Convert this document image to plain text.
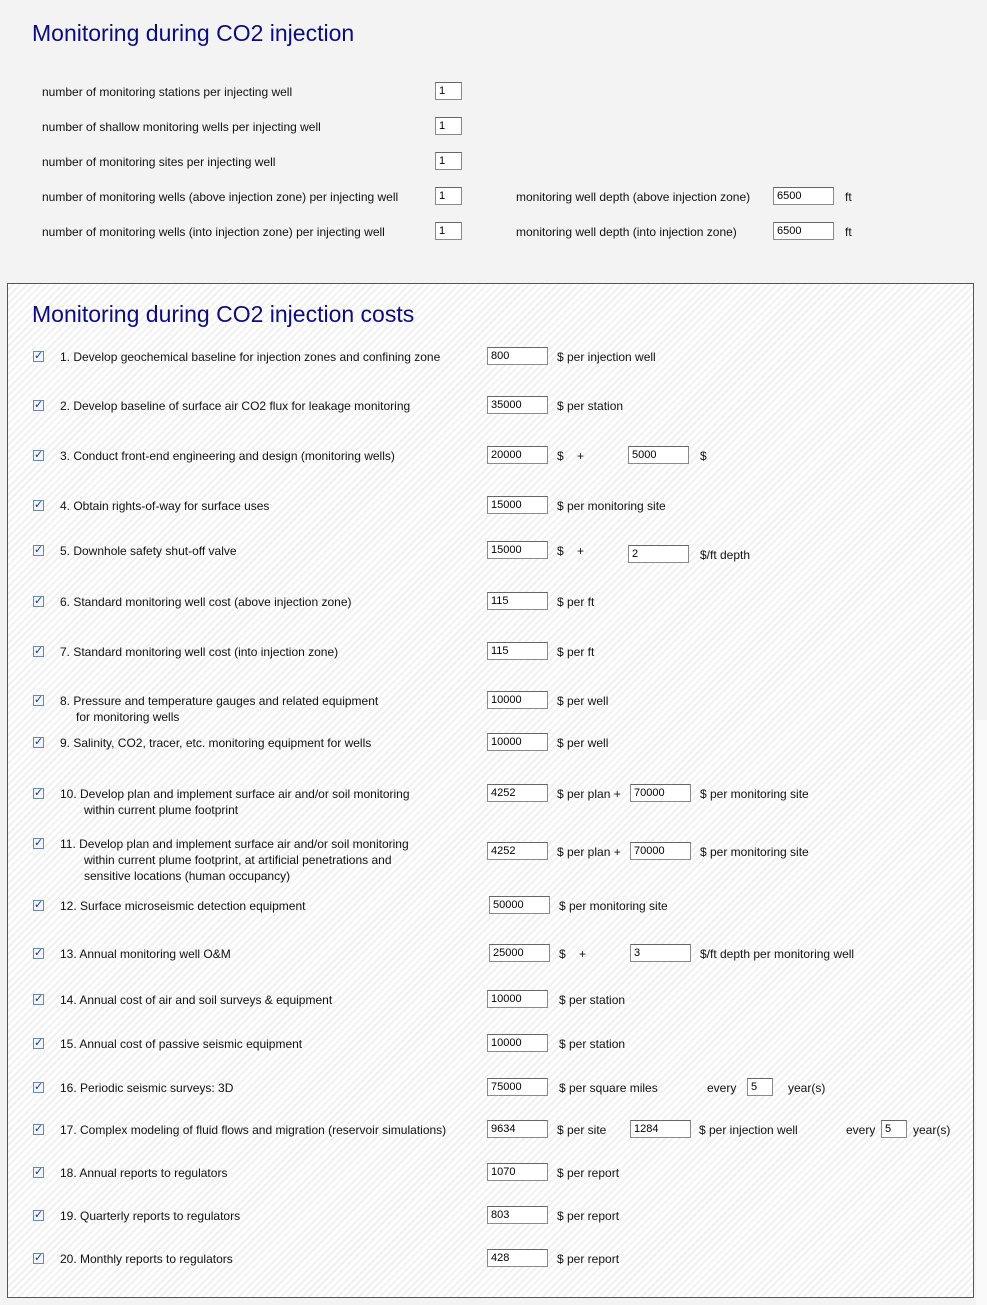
Monitoring during CO2 injection
number of monitoring stations per injecting well
1
number of shallow monitoring wells per injecting well
1
number of monitoring sites per injecting well
1
number of monitoring wells (above injection zone) per injecting well
1	monitoring well depth (above injection zone)
6500	ft
number of monitoring wells (into injection zone) per injecting well
1	monitoring well depth (into injection zone)
6500	ft
Monitoring during CO2 injection costs
✓
1. Develop geochemical baseline for injection zones and confining zone
800	$ per injection well
✓
2. Develop baseline of surface air CO2 flux for leakage monitoring
35000	$ per station
✓
3. Conduct front-end engineering and design (monitoring wells)
20000	$    +
5000	$
✓
4. Obtain rights-of-way for surface uses
15000	$ per monitoring site
✓
5. Downhole safety shut-off valve
15000	$    +
2	$/ft depth
✓
6. Standard monitoring well cost (above injection zone)
115	$ per ft
✓
7. Standard monitoring well cost (into injection zone)
115	$ per ft
✓
8. Pressure and temperature gauges and related equipment
for monitoring wells
10000
$ per well
✓
9. Salinity, CO2, tracer, etc. monitoring equipment for wells
10000	$ per well
✓
10. Develop plan and implement surface air and/or soil monitoring
within current plume footprint
4252
$ per plan +
70000	$ per monitoring site
✓
11. Develop plan and implement surface air and/or soil monitoring
within current plume footprint, at artificial penetrations and
sensitive locations (human occupancy)
4252
$ per plan +
70000	$ per monitoring site
✓
12. Surface microseismic detection equipment
50000	$ per monitoring site
✓
13. Annual monitoring well O&M
25000	$    +
3	$/ft depth per monitoring well
✓
14. Annual cost of air and soil surveys & equipment
10000	$ per station
✓
15. Annual cost of passive seismic equipment
10000	$ per station
✓
16. Periodic seismic surveys: 3D
75000	$ per square miles	every
5	year(s)
✓
17. Complex modeling of fluid flows and migration (reservoir simulations)
9634	$ per site
1284	$ per injection well	every
5	year(s)
✓
18. Annual reports to regulators
1070	$ per report
✓
19. Quarterly reports to regulators
803	$ per report
✓
20. Monthly reports to regulators
428	$ per report
